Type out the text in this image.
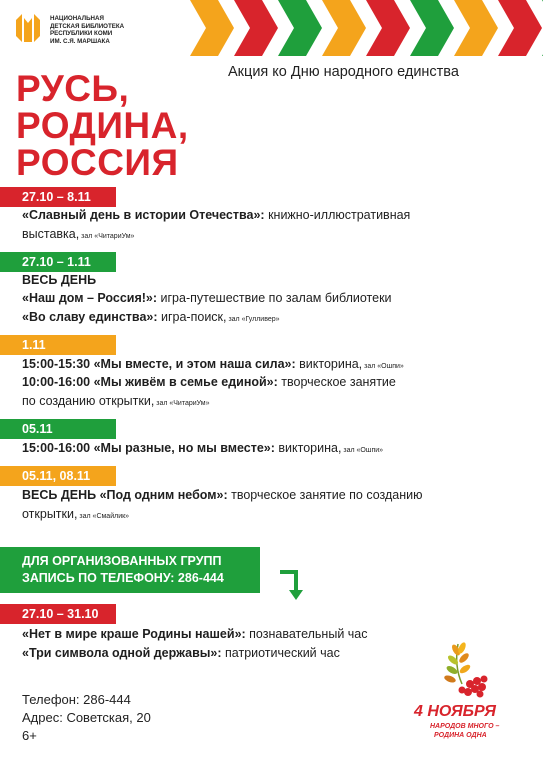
НАЦИОНАЛЬНАЯ
ДЕТСКАЯ БИБЛИОТЕКА
РЕСПУБЛИКИ КОМИ
ИМ. С.Я. МАРШАКА
Акция ко Дню народного единства
РУСЬ,
РОДИНА,
РОССИЯ
27.10 – 8.11
«Славный день в истории Отечества»: книжно-иллюстративная
выставка, зал «ЧитариУм»
27.10 – 1.11
ВЕСЬ ДЕНЬ
«Наш дом – Россия!»: игра-путешествие по залам библиотеки
«Во славу единства»: игра-поиск, зал «Гулливер»
1.11
15:00-15:30 «Мы вместе, и этом наша сила»: викторина, зал «Ошпи»
10:00-16:00 «Мы живём в семье единой»: творческое занятие
по созданию открытки, зал «ЧитариУм»
05.11
15:00-16:00 «Мы разные, но мы вместе»: викторина, зал «Ошпи»
05.11, 08.11
ВЕСЬ ДЕНЬ «Под одним небом»: творческое занятие по созданию
открытки, зал «Смайлик»
ДЛЯ ОРГАНИЗОВАННЫХ ГРУПП
ЗАПИСЬ ПО ТЕЛЕФОНУ: 286-444
27.10 – 31.10
«Нет в мире краше Родины нашей»: познавательный час
«Три символа одной державы»: патриотический час
Телефон: 286-444
Адрес: Советская, 20
6+
4 НОЯБРЯ
НАРОДОВ МНОГО –
РОДИНА ОДНА
